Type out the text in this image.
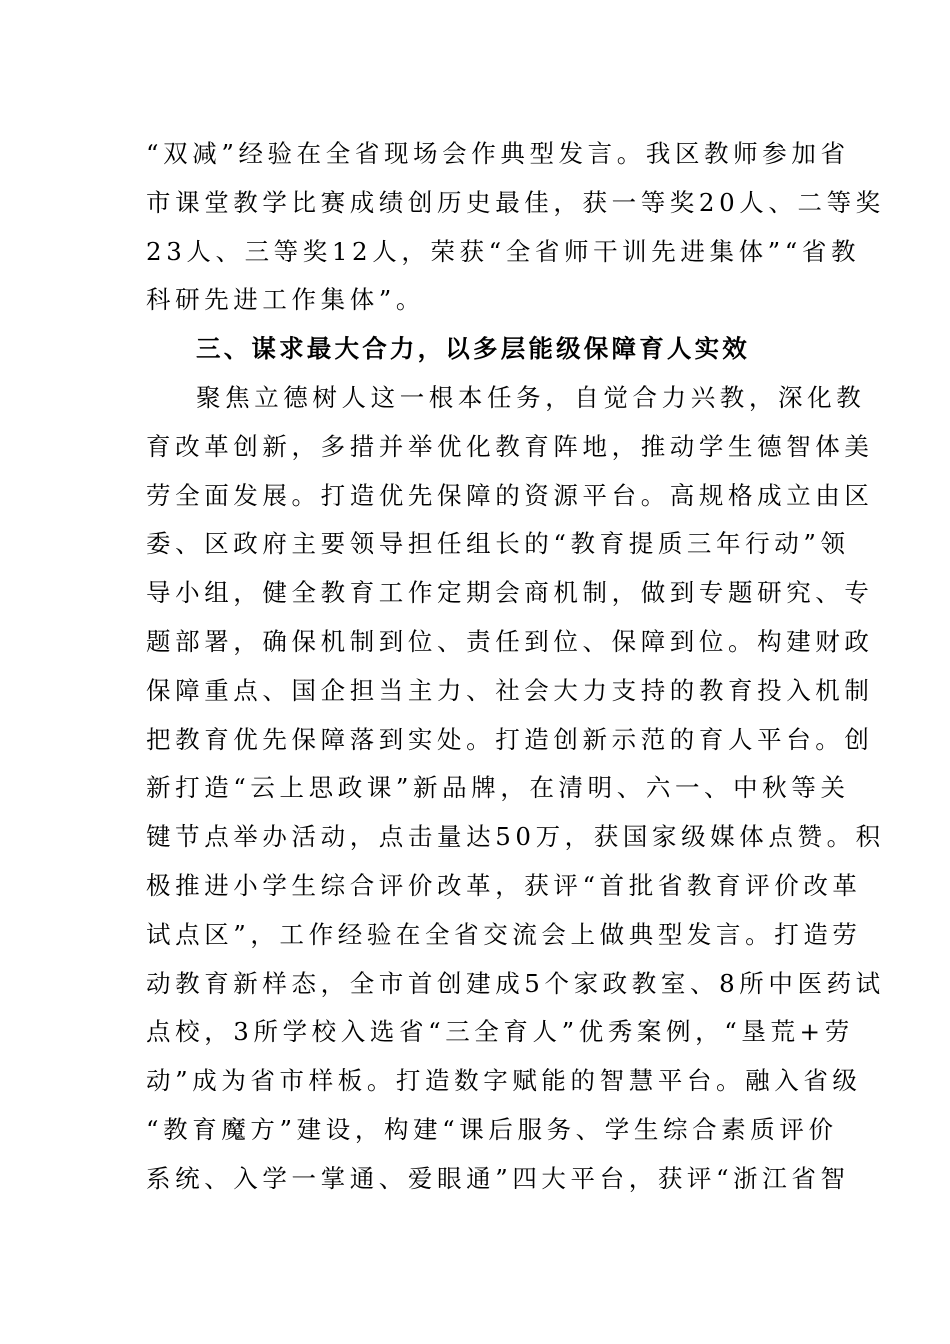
“双减”经验在全省现场会作典型发言。我区教师参加省
市课堂教学比赛成绩创历史最佳，获一等奖20人、二等奖
23人、三等奖12人，荣获“全省师干训先进集体”“省教
科研先进工作集体”。
三、谋求最大合力，以多层能级保障育人实效
聚焦立德树人这一根本任务，自觉合力兴教，深化教
育改革创新，多措并举优化教育阵地，推动学生德智体美
劳全面发展。打造优先保障的资源平台。高规格成立由区
委、区政府主要领导担任组长的“教育提质三年行动”领
导小组，健全教育工作定期会商机制，做到专题研究、专
题部署，确保机制到位、责任到位、保障到位。构建财政
保障重点、国企担当主力、社会大力支持的教育投入机制
把教育优先保障落到实处。打造创新示范的育人平台。创
新打造“云上思政课”新品牌，在清明、六一、中秋等关
键节点举办活动，点击量达50万，获国家级媒体点赞。积
极推进小学生综合评价改革，获评“首批省教育评价改革
试点区”，工作经验在全省交流会上做典型发言。打造劳
动教育新样态，全市首创建成5个家政教室、8所中医药试
点校，3所学校入选省“三全育人”优秀案例，“垦荒+劳
动”成为省市样板。打造数字赋能的智慧平台。融入省级
“教育魔方”建设，构建“课后服务、学生综合素质评价
系统、入学一掌通、爱眼通”四大平台，获评“浙江省智
